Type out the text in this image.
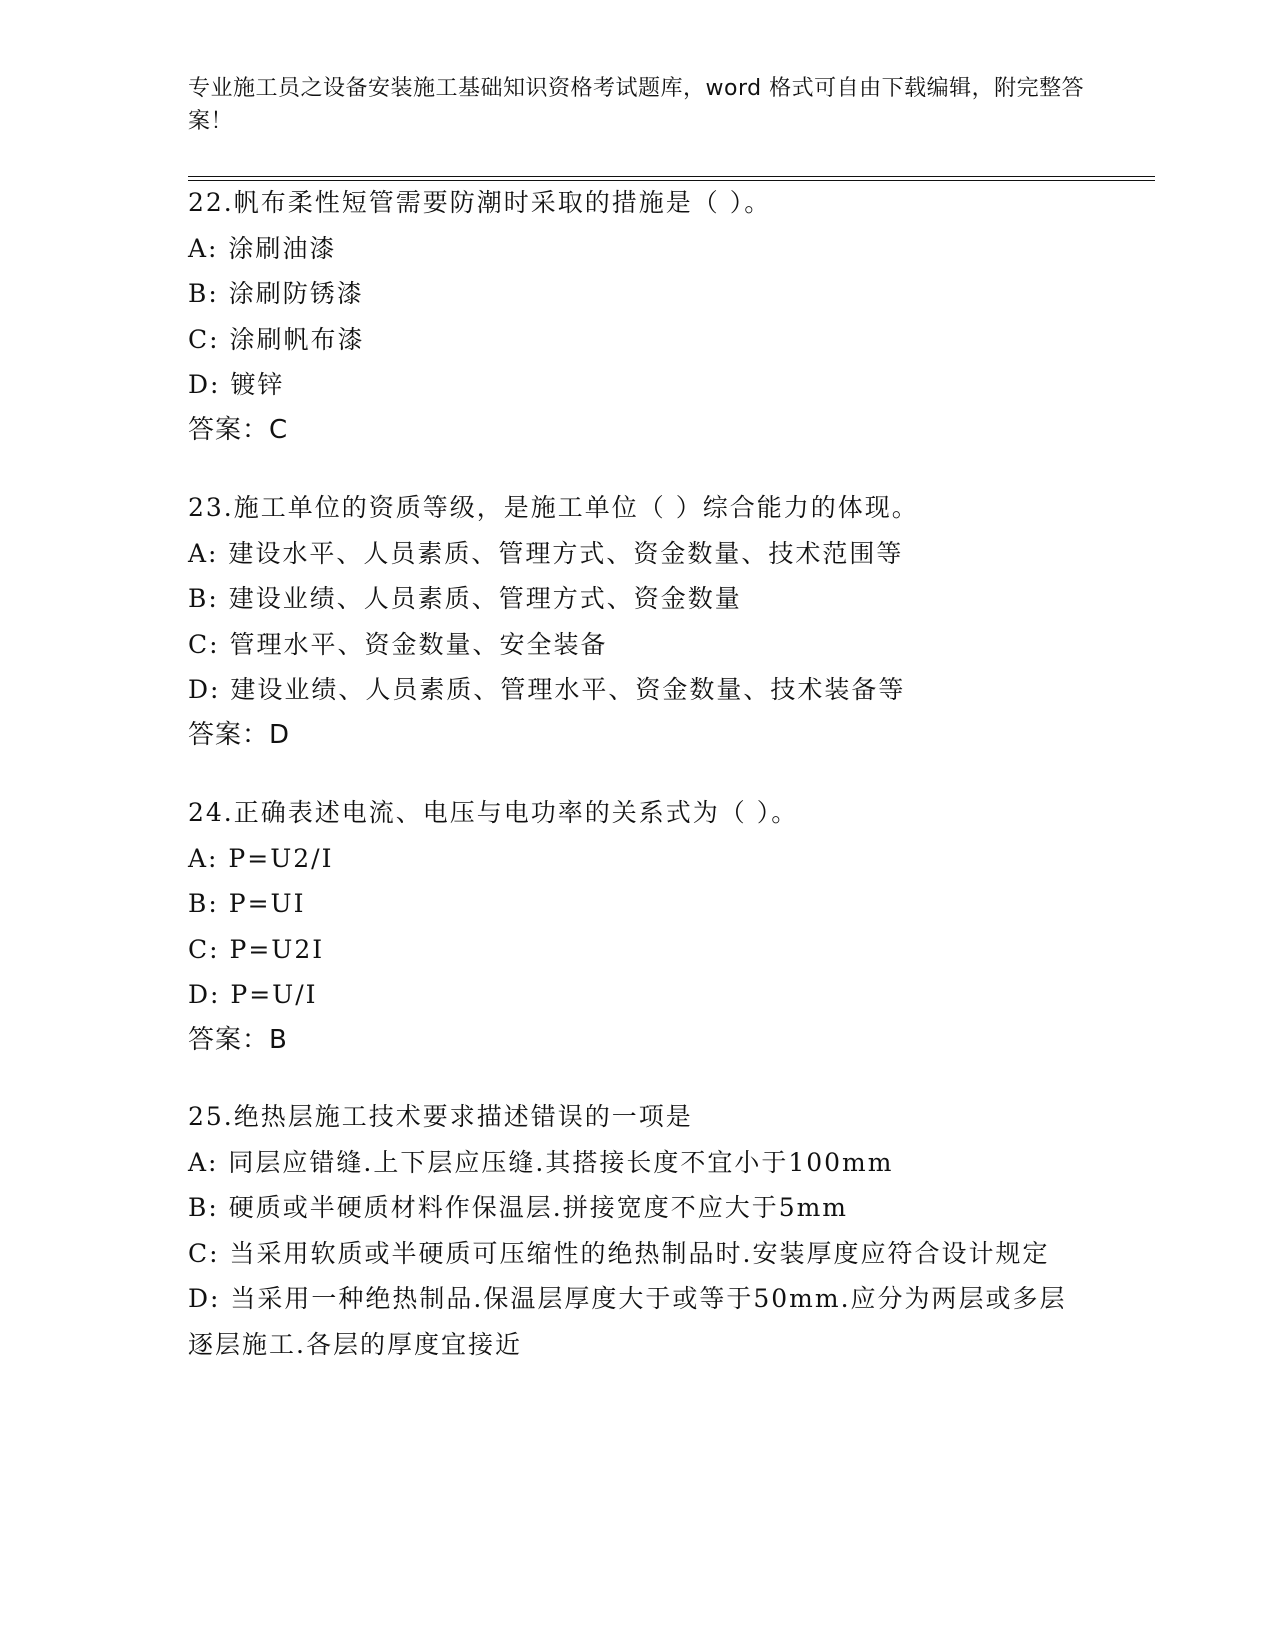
专业施工员之设备安装施工基础知识资格考试题库，word 格式可自由下载编辑，附完整答案！
22.帆布柔性短管需要防潮时采取的措施是（ ）。
A: 涂刷油漆
B: 涂刷防锈漆
C: 涂刷帆布漆
D: 镀锌
答案：C
23.施工单位的资质等级，是施工单位（ ）综合能力的体现。
A: 建设水平、人员素质、管理方式、资金数量、技术范围等
B: 建设业绩、人员素质、管理方式、资金数量
C: 管理水平、资金数量、安全装备
D: 建设业绩、人员素质、管理水平、资金数量、技术装备等
答案：D
24.正确表述电流、电压与电功率的关系式为（ ）。
A: P=U2/I
B: P=UI
C: P=U2I
D: P=U/I
答案：B
25.绝热层施工技术要求描述错误的一项是
A: 同层应错缝.上下层应压缝.其搭接长度不宜小于100mm
B: 硬质或半硬质材料作保温层.拼接宽度不应大于5mm
C: 当采用软质或半硬质可压缩性的绝热制品时.安装厚度应符合设计规定
D: 当采用一种绝热制品.保温层厚度大于或等于50mm.应分为两层或多层逐层施工.各层的厚度宜接近
